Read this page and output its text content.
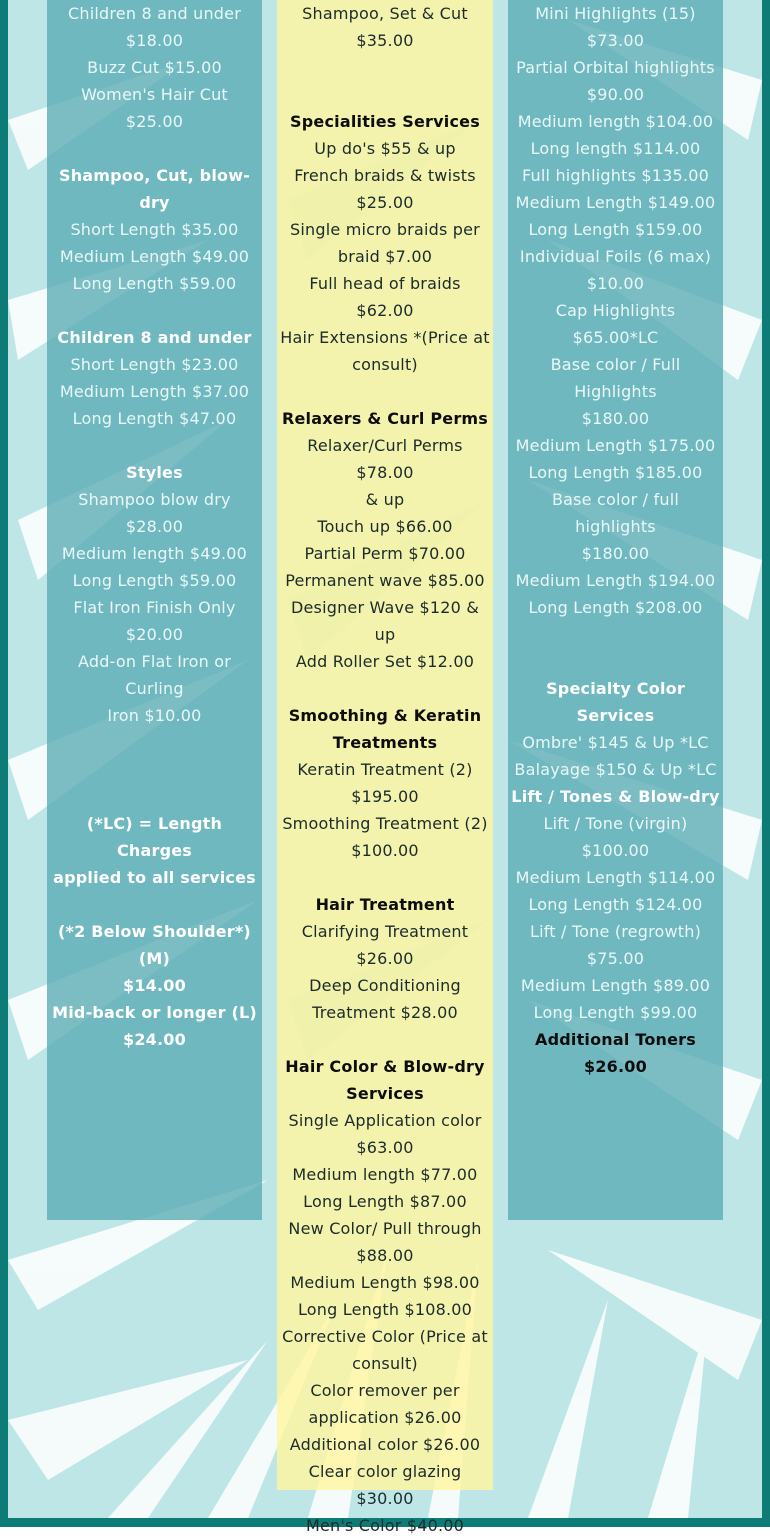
Children 8 and under
$18.00
Buzz Cut $15.00
Women's Hair Cut $25.00
Shampoo, Cut, blow-dry
Short Length $35.00
Medium Length $49.00
Long Length $59.00
Children 8 and under
Short Length $23.00
Medium Length $37.00
Long Length $47.00
Styles
Shampoo blow dry $28.00
Medium length $49.00
Long Length $59.00
Flat Iron Finish Only
$20.00
Add-on Flat Iron or Curling
Iron $10.00
(*LC) = Length Charges
applied to all services
(*2 Below Shoulder*) (M)
$14.00
Mid-back or longer (L)
$24.00
Shampoo, Set & Cut
$35.00
Specialities Services
Up do's $55 & up
French braids & twists
$25.00
Single micro braids per
braid $7.00
Full head of braids $62.00
Hair Extensions *(Price at
consult)
Relaxers & Curl Perms
Relaxer/Curl Perms $78.00
& up
Touch up $66.00
Partial Perm $70.00
Permanent wave $85.00
Designer Wave $120 & up
Add Roller Set $12.00
Smoothing & Keratin
Treatments
Keratin Treatment (2)
$195.00
Smoothing Treatment (2)
$100.00
Hair Treatment
Clarifying Treatment
$26.00
Deep Conditioning
Treatment $28.00
Hair Color & Blow-dry
Services
Single Application color
$63.00
Medium length $77.00
Long Length $87.00
New Color/ Pull through
$88.00
Medium Length $98.00
Long Length $108.00
Corrective Color (Price at
consult)
Color remover per
application $26.00
Additional color $26.00
Clear color glazing $30.00
Men's Color $40.00
Mini Highlights (15) $73.00
Partial Orbital highlights
$90.00
Medium length $104.00
Long length $114.00
Full highlights $135.00
Medium Length $149.00
Long Length $159.00
Individual Foils (6 max)
$10.00
Cap Highlights $65.00*LC
Base color / Full Highlights
$180.00
Medium Length $175.00
Long Length $185.00
Base color / full highlights
$180.00
Medium Length $194.00
Long Length $208.00
Specialty Color Services
Ombre' $145 & Up *LC
Balayage $150 & Up *LC
Lift / Tones & Blow-dry
Lift / Tone (virgin) $100.00
Medium Length $114.00
Long Length $124.00
Lift / Tone (regrowth)
$75.00
Medium Length $89.00
Long Length $99.00
Additional Toners $26.00
